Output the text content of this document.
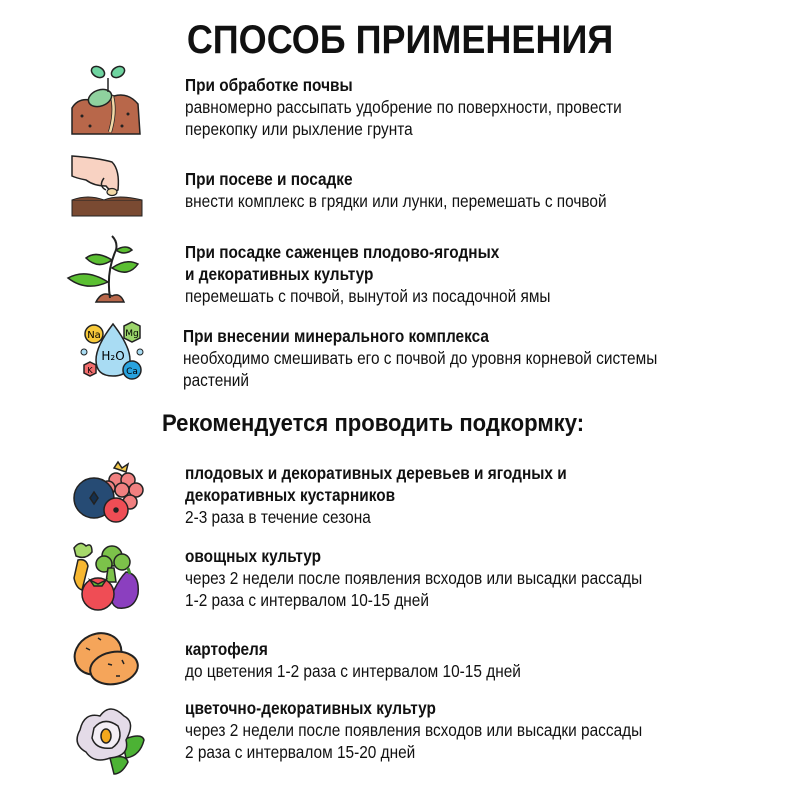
СПОСОБ ПРИМЕНЕНИЯ
При обработке почвы
равномерно рассыпать удобрение по поверхности, провести
перекопку или рыхление грунта
При посеве и посадке
внести комплекс в грядки или лунки, перемешать с почвой
При посадке саженцев плодово-ягодных
и декоративных культур
перемешать с почвой, вынутой из посадочной ямы
Na	Mg
H₂O
K	Ca
При внесении минерального комплекса
необходимо смешивать его с почвой до уровня корневой системы
растений
Рекомендуется проводить подкормку:
плодовых и декоративных деревьев и ягодных и
декоративных кустарников
2-3 раза в течение сезона
овощных культур
через 2 недели после появления всходов или высадки рассады
1-2 раза с интервалом 10-15 дней
картофеля
до цветения 1-2 раза с интервалом 10-15 дней
цветочно-декоративных культур
через 2 недели после появления всходов или высадки рассады
2 раза с интервалом 15-20 дней
